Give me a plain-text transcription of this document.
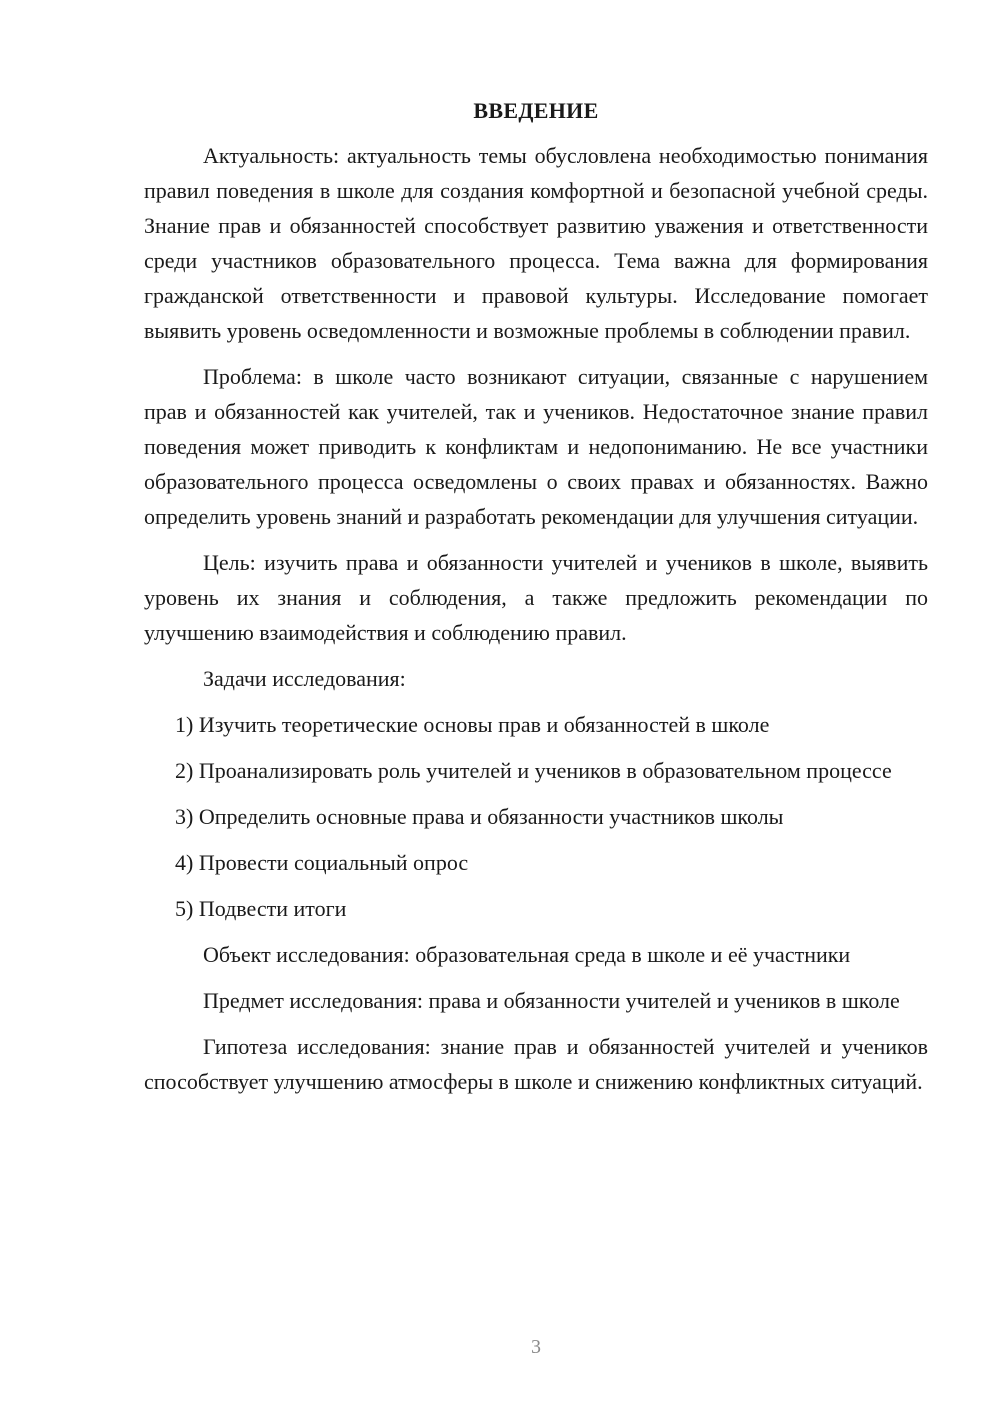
ВВЕДЕНИЕ

Актуальность: актуальность темы обусловлена необходимостью понимания правил поведения в школе для создания комфортной и безопасной учебной среды. Знание прав и обязанностей способствует развитию уважения и ответственности среди участников образовательного процесса. Тема важна для формирования гражданской ответственности и правовой культуры. Исследование помогает выявить уровень осведомленности и возможные проблемы в соблюдении правил.

Проблема: в школе часто возникают ситуации, связанные с нарушением прав и обязанностей как учителей, так и учеников. Недостаточное знание правил поведения может приводить к конфликтам и недопониманию. Не все участники образовательного процесса осведомлены о своих правах и обязанностях. Важно определить уровень знаний и разработать рекомендации для улучшения ситуации.

Цель: изучить права и обязанности учителей и учеников в школе, выявить уровень их знания и соблюдения, а также предложить рекомендации по улучшению взаимодействия и соблюдению правил.

Задачи исследования:

1) Изучить теоретические основы прав и обязанностей в школе

2) Проанализировать роль учителей и учеников в образовательном процессе

3) Определить основные права и обязанности участников школы

4) Провести социальный опрос

5) Подвести итоги

Объект исследования: образовательная среда в школе и её участники

Предмет исследования: права и обязанности учителей и учеников в школе

Гипотеза исследования: знание прав и обязанностей учителей и учеников способствует улучшению атмосферы в школе и снижению конфликтных ситуаций.

3
